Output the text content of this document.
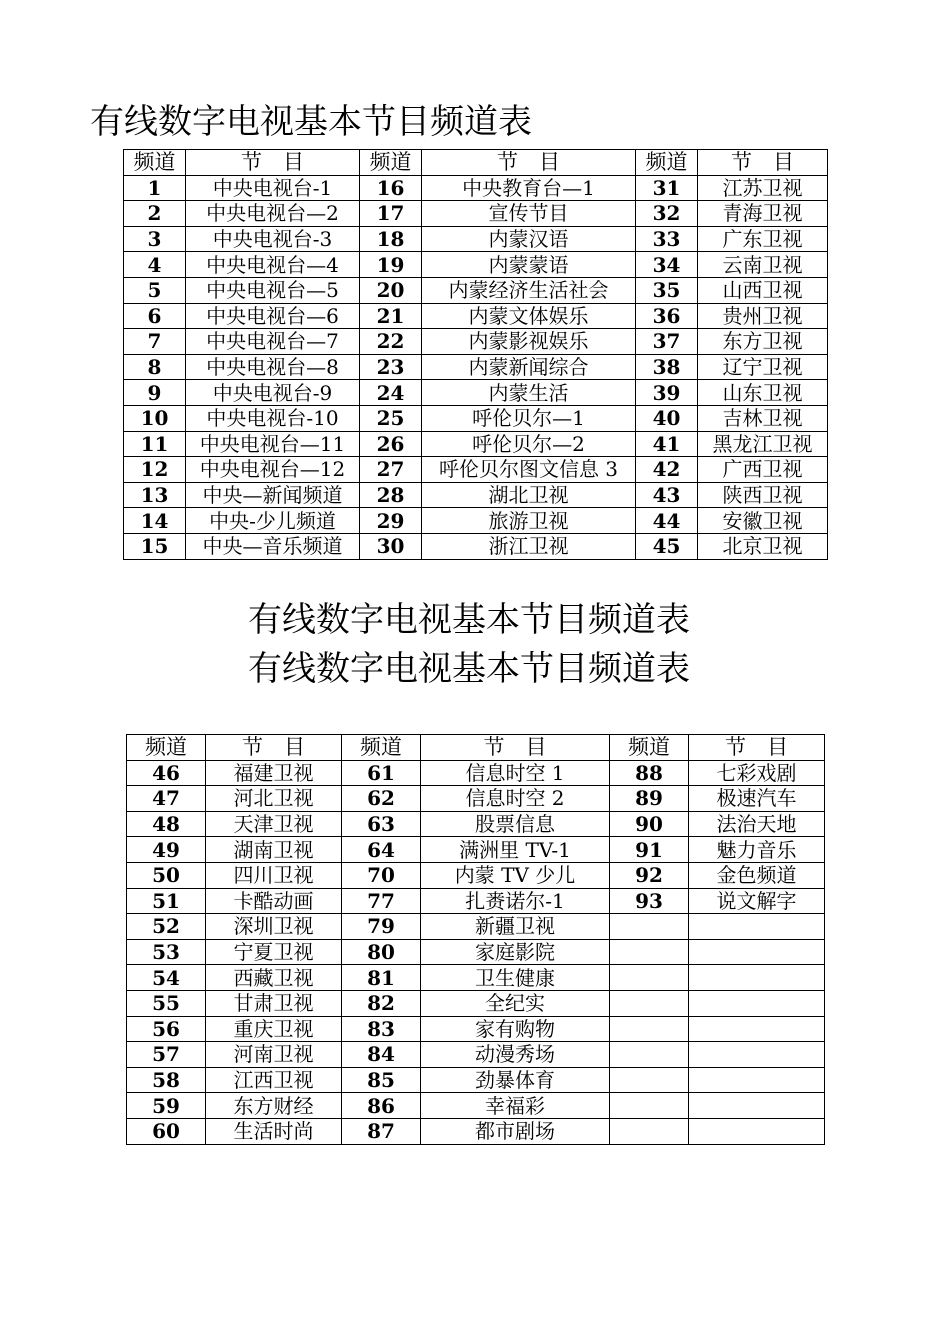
有线数字电视基本节目频道表
频道	节　目	频道	节　目	频道	节　目
1	中央电视台-1	16	中央教育台—1	31	江苏卫视
2	中央电视台—2	17	宣传节目	32	青海卫视
3	中央电视台-3	18	内蒙汉语	33	广东卫视
4	中央电视台—4	19	内蒙蒙语	34	云南卫视
5	中央电视台—5	20	内蒙经济生活社会	35	山西卫视
6	中央电视台—6	21	内蒙文体娱乐	36	贵州卫视
7	中央电视台—7	22	内蒙影视娱乐	37	东方卫视
8	中央电视台—8	23	内蒙新闻综合	38	辽宁卫视
9	中央电视台-9	24	内蒙生活	39	山东卫视
10	中央电视台-10	25	呼伦贝尔—1	40	吉林卫视
11	中央电视台—11	26	呼伦贝尔—2	41	黑龙江卫视
12	中央电视台—12	27	呼伦贝尔图文信息 3	42	广西卫视
13	中央—新闻频道	28	湖北卫视	43	陕西卫视
14	中央-少儿频道	29	旅游卫视	44	安徽卫视
15	中央—音乐频道	30	浙江卫视	45	北京卫视
有线数字电视基本节目频道表
有线数字电视基本节目频道表
频道	节　目	频道	节　目	频道	节　目
46	福建卫视	61	信息时空 1	88	七彩戏剧
47	河北卫视	62	信息时空 2	89	极速汽车
48	天津卫视	63	股票信息	90	法治天地
49	湖南卫视	64	满洲里 TV-1	91	魅力音乐
50	四川卫视	70	内蒙 TV 少儿	92	金色频道
51	卡酷动画	77	扎赉诺尔-1	93	说文解字
52	深圳卫视	79	新疆卫视		
53	宁夏卫视	80	家庭影院		
54	西藏卫视	81	卫生健康		
55	甘肃卫视	82	全纪实		
56	重庆卫视	83	家有购物		
57	河南卫视	84	动漫秀场		
58	江西卫视	85	劲暴体育		
59	东方财经	86	幸福彩		
60	生活时尚	87	都市剧场		
